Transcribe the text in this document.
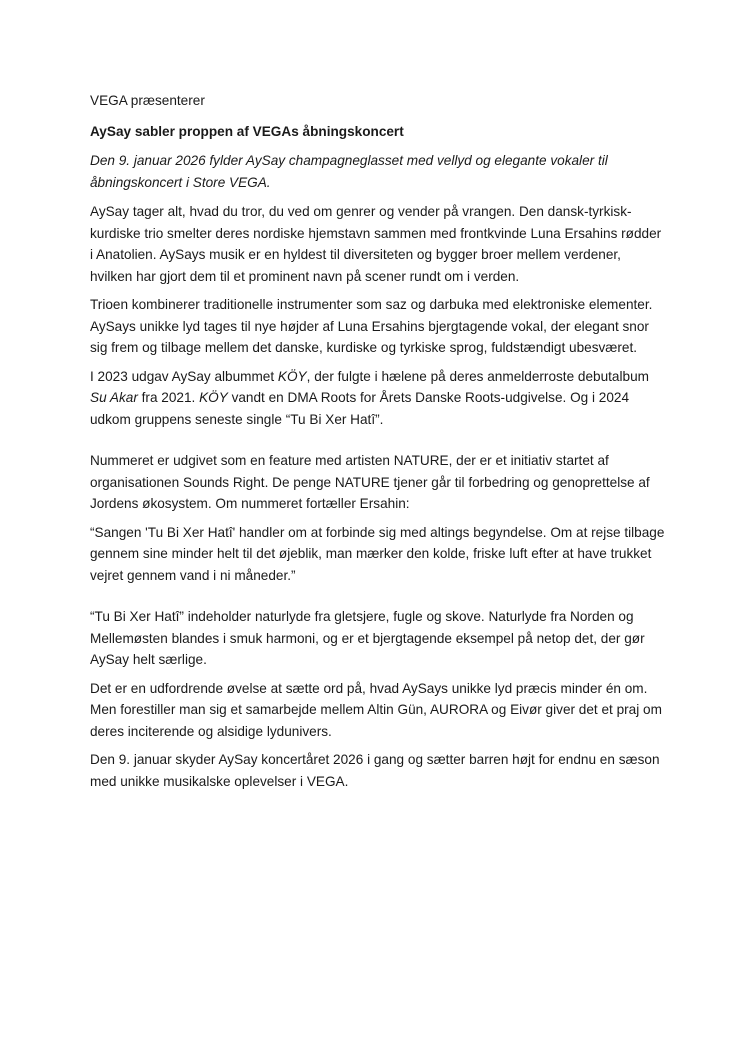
VEGA præsenterer

AySay sabler proppen af VEGAs åbningskoncert

Den 9. januar 2026 fylder AySay champagneglasset med vellyd og elegante vokaler til åbningskoncert i Store VEGA.

AySay tager alt, hvad du tror, du ved om genrer og vender på vrangen. Den dansk-tyrkisk-kurdiske trio smelter deres nordiske hjemstavn sammen med frontkvinde Luna Ersahins rødder i Anatolien. AySays musik er en hyldest til diversiteten og bygger broer mellem verdener, hvilken har gjort dem til et prominent navn på scener rundt om i verden.

Trioen kombinerer traditionelle instrumenter som saz og darbuka med elektroniske elementer. AySays unikke lyd tages til nye højder af Luna Ersahins bjergtagende vokal, der elegant snor sig frem og tilbage mellem det danske, kurdiske og tyrkiske sprog, fuldstændigt ubesværet.

I 2023 udgav AySay albummet KÖY, der fulgte i hælene på deres anmelderroste debutalbum Su Akar fra 2021. KÖY vandt en DMA Roots for Årets Danske Roots-udgivelse. Og i 2024 udkom gruppens seneste single “Tu Bi Xer Hatî”.

Nummeret er udgivet som en feature med artisten NATURE, der er et initiativ startet af organisationen Sounds Right. De penge NATURE tjener går til forbedring og genoprettelse af Jordens økosystem. Om nummeret fortæller Ersahin:

“Sangen 'Tu Bi Xer Hatî' handler om at forbinde sig med altings begyndelse. Om at rejse tilbage gennem sine minder helt til det øjeblik, man mærker den kolde, friske luft efter at have trukket vejret gennem vand i ni måneder.”

“Tu Bi Xer Hatî” indeholder naturlyde fra gletsjere, fugle og skove. Naturlyde fra Norden og Mellemøsten blandes i smuk harmoni, og er et bjergtagende eksempel på netop det, der gør AySay helt særlige.

Det er en udfordrende øvelse at sætte ord på, hvad AySays unikke lyd præcis minder én om. Men forestiller man sig et samarbejde mellem Altin Gün, AURORA og Eivør giver det et praj om deres inciterende og alsidige lydunivers.

Den 9. januar skyder AySay koncertåret 2026 i gang og sætter barren højt for endnu en sæson med unikke musikalske oplevelser i VEGA.
